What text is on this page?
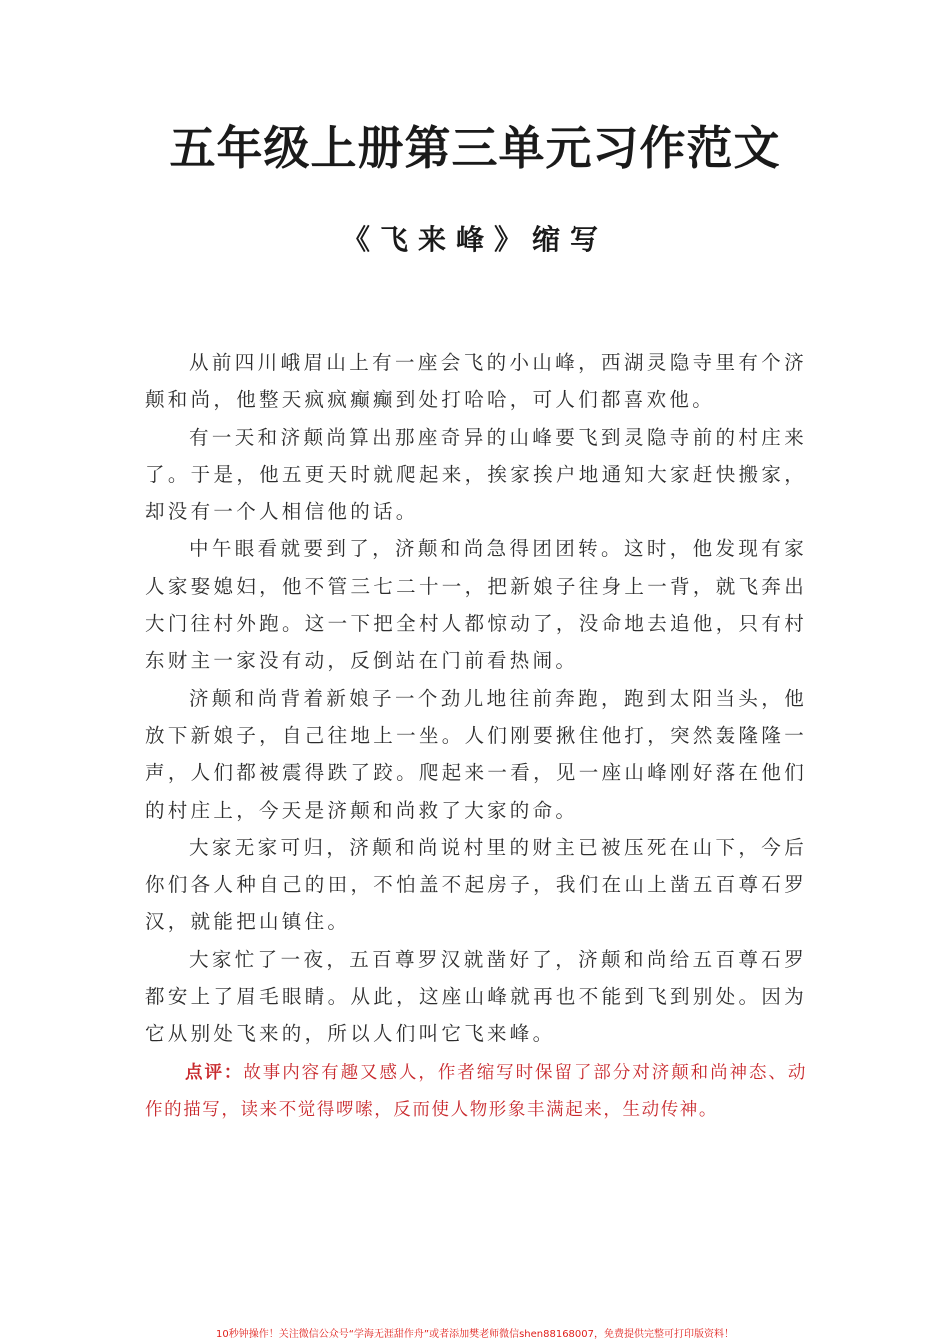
五年级上册第三单元习作范文
《飞来峰》缩写

从前四川峨眉山上有一座会飞的小山峰，西湖灵隐寺里有个济颠和尚，他整天疯疯癫癫到处打哈哈，可人们都喜欢他。

有一天和济颠尚算出那座奇异的山峰要飞到灵隐寺前的村庄来了。于是，他五更天时就爬起来，挨家挨户地通知大家赶快搬家，却没有一个人相信他的话。

中午眼看就要到了，济颠和尚急得团团转。这时，他发现有家人家娶媳妇，他不管三七二十一，把新娘子往身上一背，就飞奔出大门往村外跑。这一下把全村人都惊动了，没命地去追他，只有村东财主一家没有动，反倒站在门前看热闹。

济颠和尚背着新娘子一个劲儿地往前奔跑，跑到太阳当头，他放下新娘子，自己往地上一坐。人们刚要揪住他打，突然轰隆隆一声，人们都被震得跌了跤。爬起来一看，见一座山峰刚好落在他们的村庄上，今天是济颠和尚救了大家的命。

大家无家可归，济颠和尚说村里的财主已被压死在山下，今后你们各人种自己的田，不怕盖不起房子，我们在山上凿五百尊石罗汉，就能把山镇住。

大家忙了一夜，五百尊罗汉就凿好了，济颠和尚给五百尊石罗都安上了眉毛眼睛。从此，这座山峰就再也不能到飞到别处。因为它从别处飞来的，所以人们叫它飞来峰。

点评：故事内容有趣又感人，作者缩写时保留了部分对济颠和尚神态、动作的描写，读来不觉得啰嗦，反而使人物形象丰满起来，生动传神。

10秒钟操作！关注微信公众号“学海无涯甜作舟”或者添加樊老师微信shen88168007，免费提供完整可打印版资料！
